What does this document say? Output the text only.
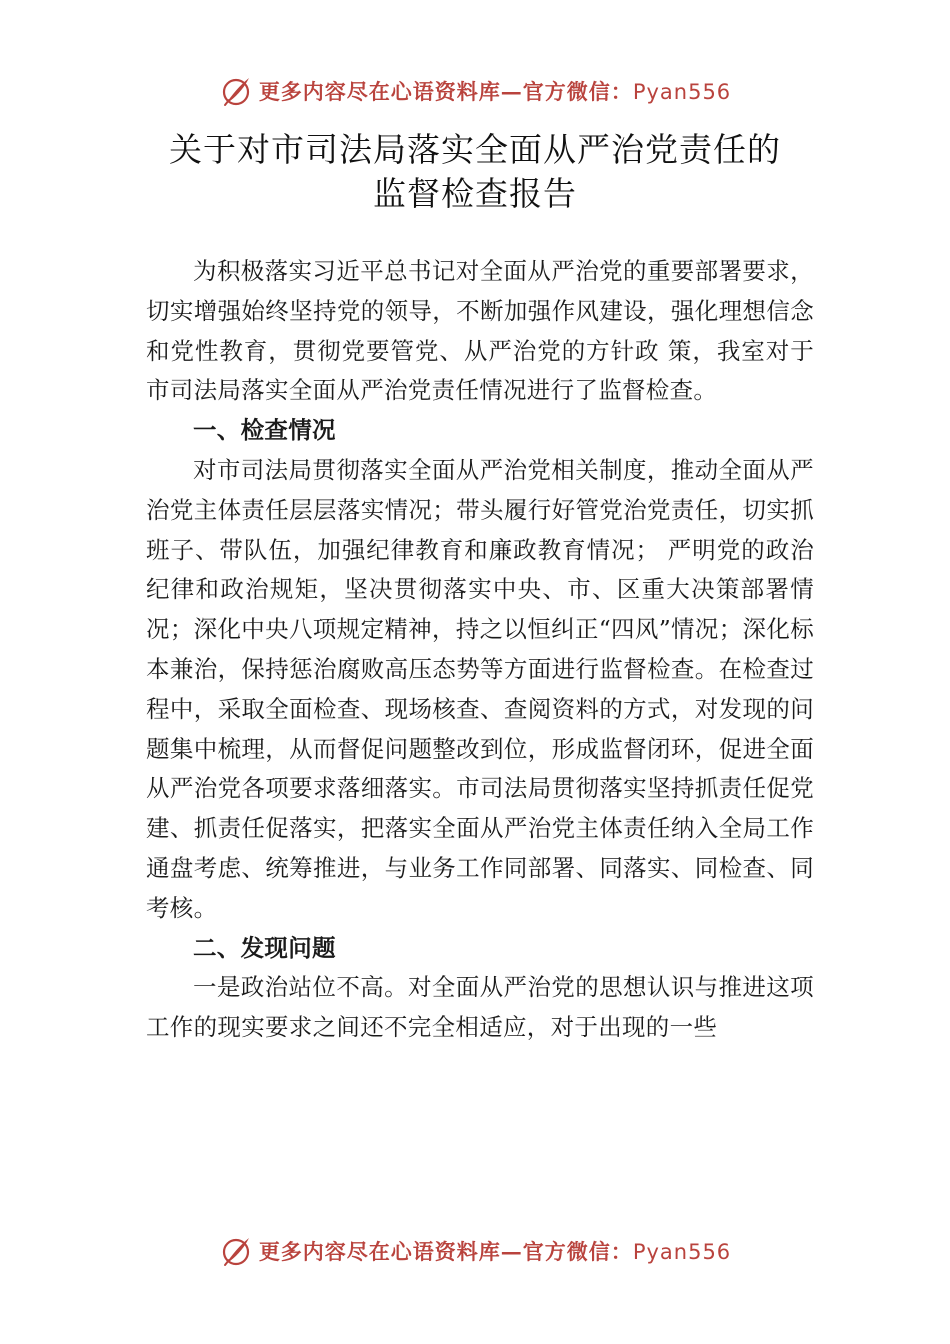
更多内容尽在心语资料库—官方微信：Pyan556
关于对市司法局落实全面从严治党责任的
监督检查报告

为积极落实习近平总书记对全面从严治党的重要部署要求，切实增强始终坚持党的领导，不断加强作风建设，强化理想信念和党性教育，贯彻党要管党、从严治党的方针政 策，我室对于市司法局落实全面从严治党责任情况进行了监督检查。

一、检查情况

对市司法局贯彻落实全面从严治党相关制度，推动全面从严治党主体责任层层落实情况；带头履行好管党治党责任，切实抓班子、带队伍，加强纪律教育和廉政教育情况； 严明党的政治纪律和政治规矩，坚决贯彻落实中央、市、区重大决策部署情况；深化中央八项规定精神，持之以恒纠正“四风”情况；深化标本兼治，保持惩治腐败高压态势等方面进行监督检查。在检查过程中，采取全面检查、现场核查、查阅资料的方式，对发现的问题集中梳理，从而督促问题整改到位，形成监督闭环，促进全面从严治党各项要求落细落实。市司法局贯彻落实坚持抓责任促党建、抓责任促落实，把落实全面从严治党主体责任纳入全局工作通盘考虑、统筹推进，与业务工作同部署、同落实、同检查、同考核。

二、发现问题

一是政治站位不高。对全面从严治党的思想认识与推进这项工作的现实要求之间还不完全相适应，对于出现的一些

更多内容尽在心语资料库—官方微信：Pyan556
